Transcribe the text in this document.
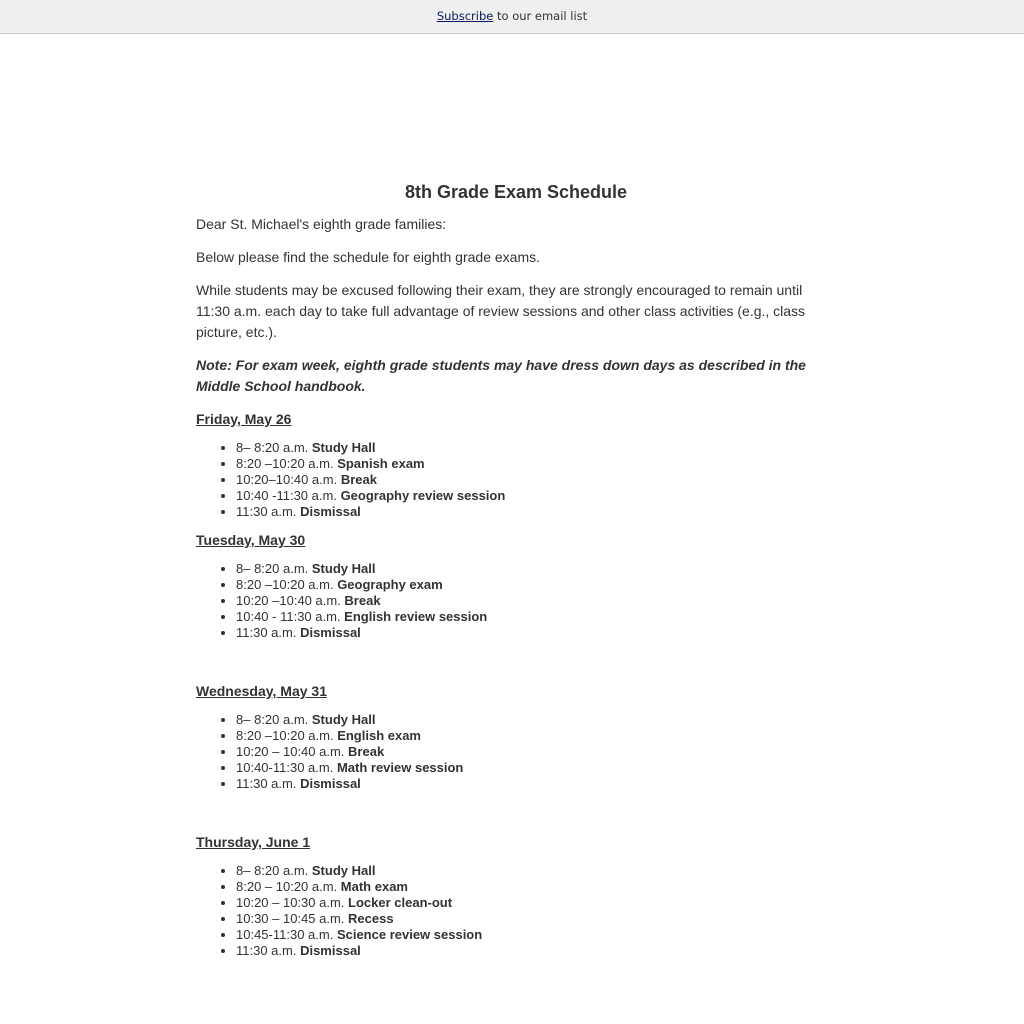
Subscribe to our email list
8th Grade Exam Schedule

Dear St. Michael's eighth grade families:

Below please find the schedule for eighth grade exams.

While students may be excused following their exam, they are strongly encouraged to remain until 11:30 a.m. each day to take full advantage of review sessions and other class activities (e.g., class picture, etc.).

Note: For exam week, eighth grade students may have dress down days as described in the Middle School handbook.

Friday, May 26
• 8– 8:20 a.m. Study Hall
• 8:20 –10:20 a.m. Spanish exam
• 10:20–10:40 a.m. Break
• 10:40 -11:30 a.m. Geography review session
• 11:30 a.m. Dismissal
Tuesday, May 30
• 8– 8:20 a.m. Study Hall
• 8:20 –10:20 a.m. Geography exam
• 10:20 –10:40 a.m. Break
• 10:40 - 11:30 a.m. English review session
• 11:30 a.m. Dismissal
Wednesday, May 31
• 8– 8:20 a.m. Study Hall
• 8:20 –10:20 a.m. English exam
• 10:20 – 10:40 a.m. Break
• 10:40-11:30 a.m. Math review session
• 11:30 a.m. Dismissal
Thursday, June 1
• 8– 8:20 a.m. Study Hall
• 8:20 – 10:20 a.m. Math exam
• 10:20 – 10:30 a.m. Locker clean-out
• 10:30 – 10:45 a.m. Recess
• 10:45-11:30 a.m. Science review session
• 11:30 a.m. Dismissal
